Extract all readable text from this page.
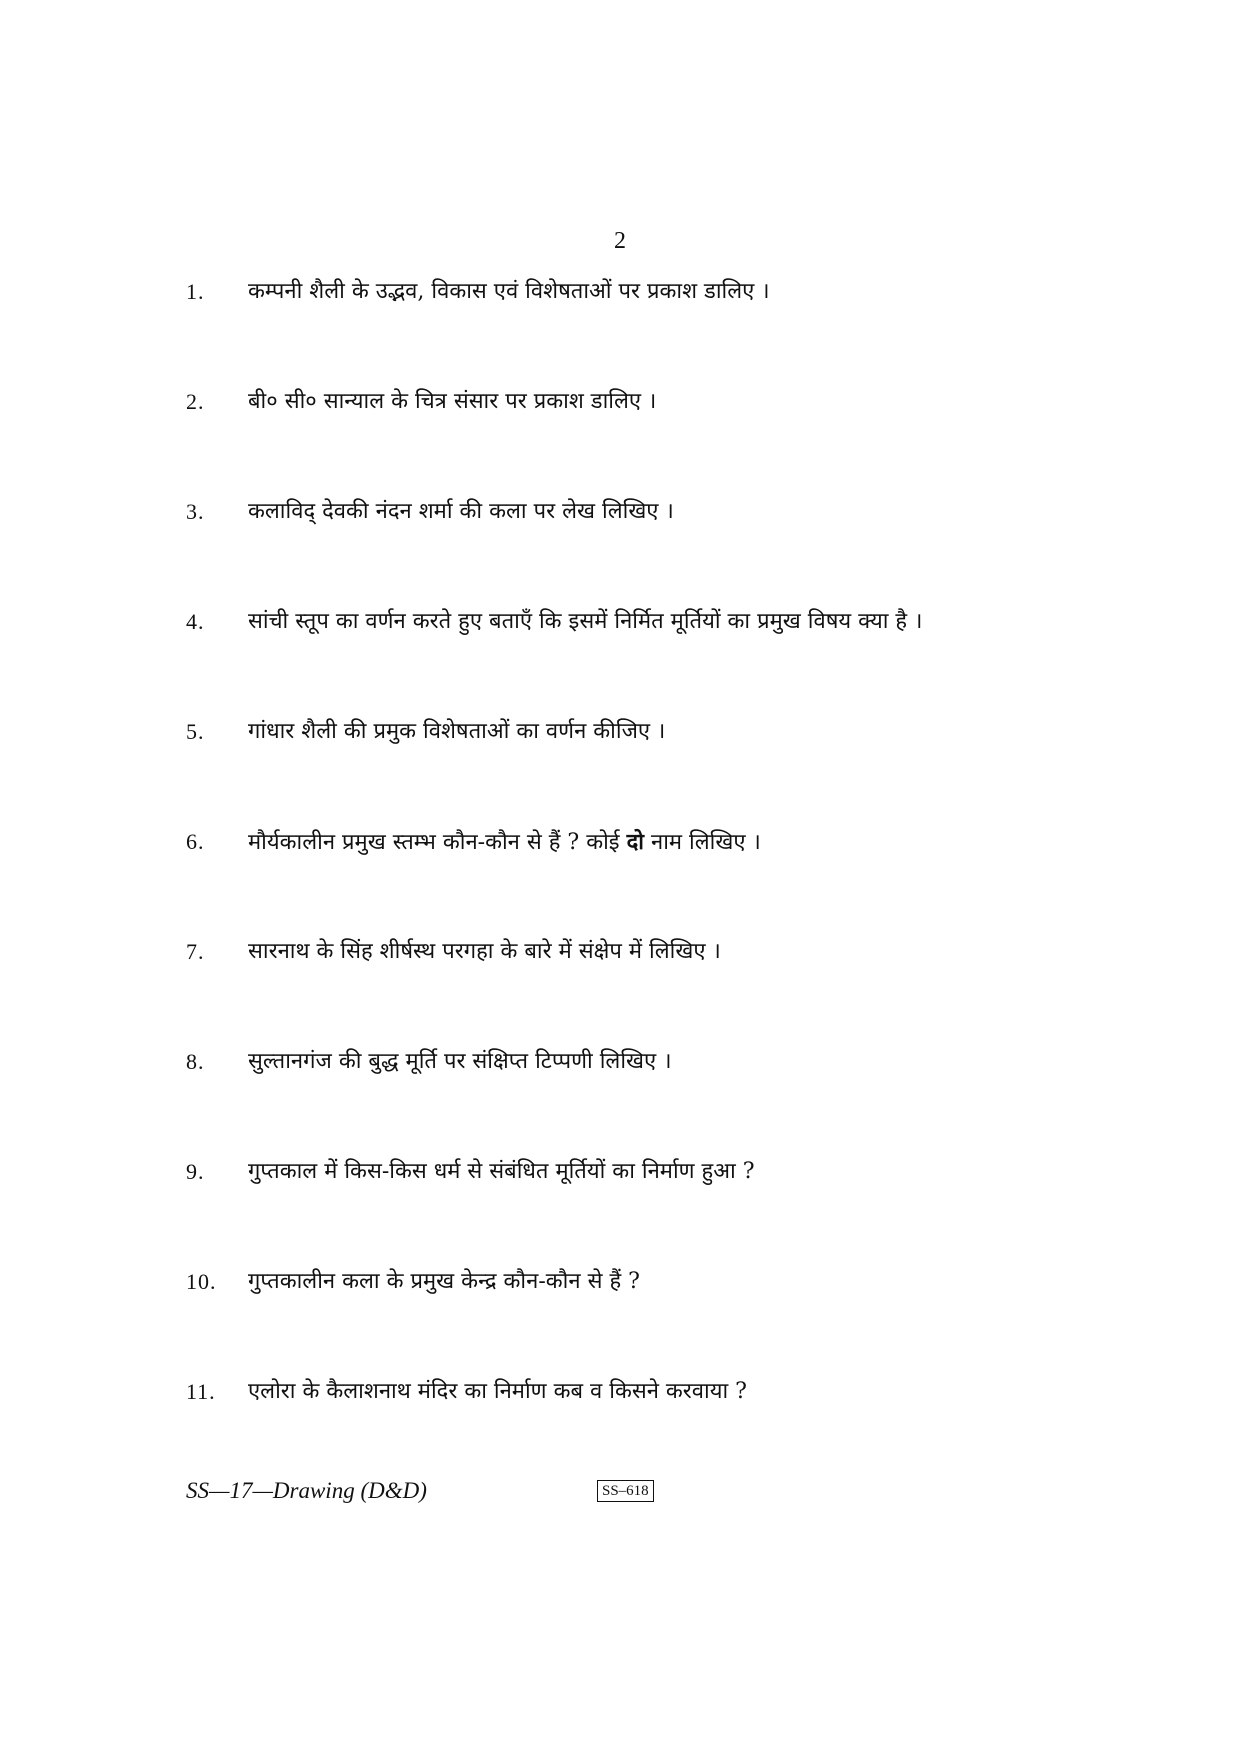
2
1. कम्पनी शैली के उद्भव, विकास एवं विशेषताओं पर प्रकाश डालिए ।
2. बी० सी० सान्याल के चित्र संसार पर प्रकाश डालिए ।
3. कलाविद् देवकी नंदन शर्मा की कला पर लेख लिखिए ।
4. सांची स्तूप का वर्णन करते हुए बताएँ कि इसमें निर्मित मूर्तियों का प्रमुख विषय क्या है ।
5. गांधार शैली की प्रमुक विशेषताओं का वर्णन कीजिए ।
6. मौर्यकालीन प्रमुख स्तम्भ कौन-कौन से हैं ? कोई दो नाम लिखिए ।
7. सारनाथ के सिंह शीर्षस्थ परगहा के बारे में संक्षेप में लिखिए ।
8. सुल्तानगंज की बुद्ध मूर्ति पर संक्षिप्त टिप्पणी लिखिए ।
9. गुप्तकाल में किस-किस धर्म से संबंधित मूर्तियों का निर्माण हुआ ?
10. गुप्तकालीन कला के प्रमुख केन्द्र कौन-कौन से हैं ?
11. एलोरा के कैलाशनाथ मंदिर का निर्माण कब व किसने करवाया ?
SS—17—Drawing (D&D)	SS–618
